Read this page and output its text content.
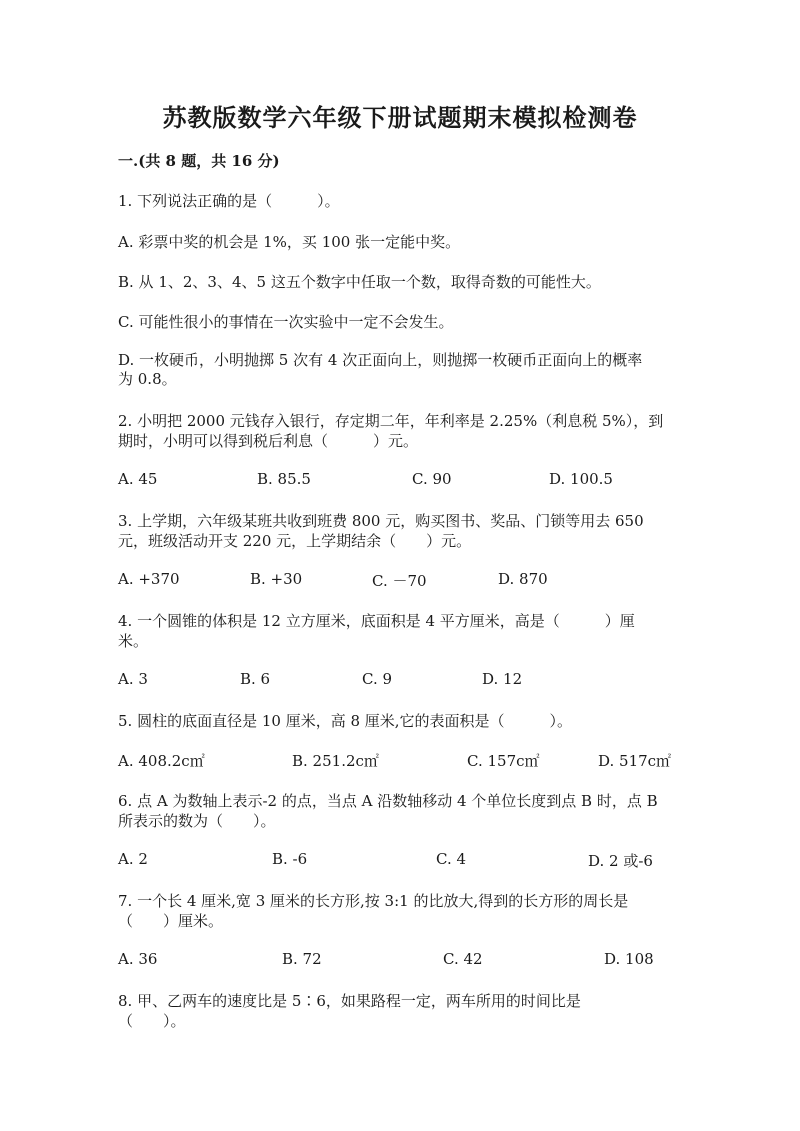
苏教版数学六年级下册试题期末模拟检测卷
一.(共 8 题，共 16 分)
1. 下列说法正确的是（　　　）。
A. 彩票中奖的机会是 1%，买 100 张一定能中奖。
B. 从 1、2、3、4、5 这五个数字中任取一个数，取得奇数的可能性大。
C. 可能性很小的事情在一次实验中一定不会发生。
D. 一枚硬币，小明抛掷 5 次有 4 次正面向上，则抛掷一枚硬币正面向上的概率
为 0.8。
2. 小明把 2000 元钱存入银行，存定期二年，年利率是 2.25%（利息税 5%），到
期时，小明可以得到税后利息（　　　）元。
A. 45	B. 85.5	C. 90	D. 100.5
3. 上学期，六年级某班共收到班费 800 元，购买图书、奖品、门锁等用去 650
元，班级活动开支 220 元，上学期结余（　　）元。
A. +370	B. +30	C. －70	D. 870
4. 一个圆锥的体积是 12 立方厘米，底面积是 4 平方厘米，高是（　　　）厘
米。
A. 3	B. 6	C. 9	D. 12
5. 圆柱的底面直径是 10 厘米，高 8 厘米,它的表面积是（　　　）。
A. 408.2c㎡	B. 251.2c㎡	C. 157c㎡	D. 517c㎡
6. 点 A 为数轴上表示-2 的点，当点 A 沿数轴移动 4 个单位长度到点 B 时，点 B
所表示的数为（　　）。
A. 2	B. -6	C. 4	D. 2 或-6
7. 一个长 4 厘米,宽 3 厘米的长方形,按 3:1 的比放大,得到的长方形的周长是
（　　）厘米。
A. 36	B. 72	C. 42	D. 108
8. 甲、乙两车的速度比是 5∶6，如果路程一定，两车所用的时间比是
（　　）。
